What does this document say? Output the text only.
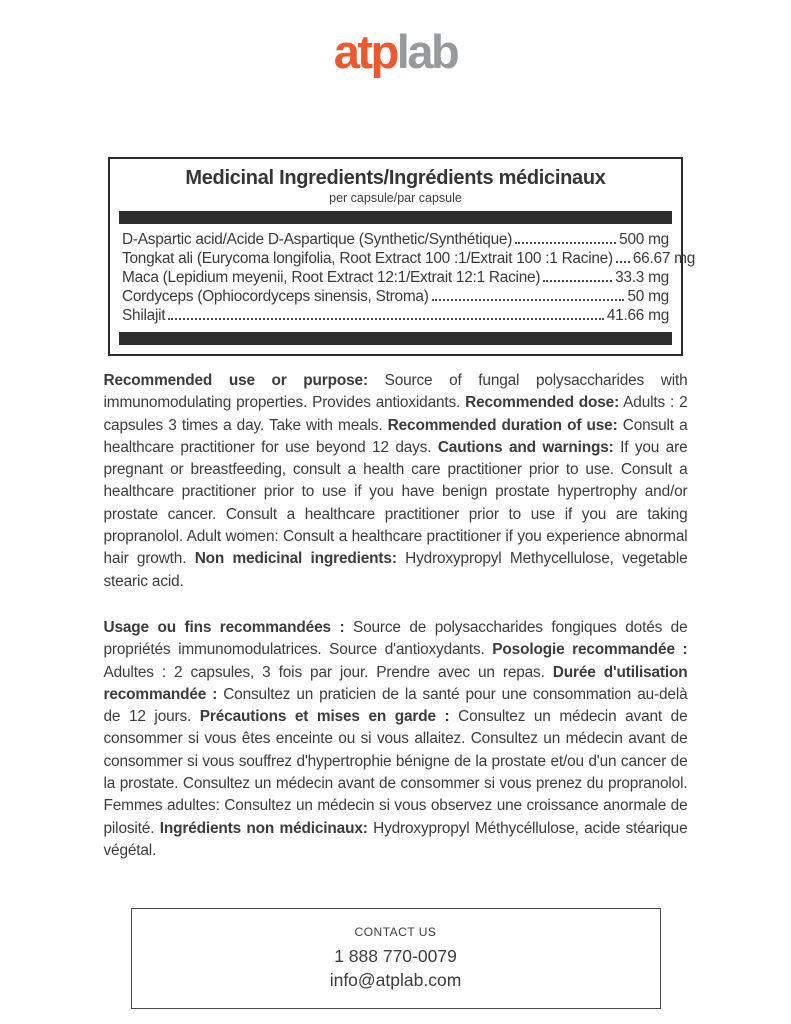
atplab
Medicinal Ingredients/Ingrédients médicinaux
per capsule/par capsule
D-Aspartic acid/Acide D-Aspartique (Synthetic/Synthétique)	500 mg
Tongkat ali (Eurycoma longifolia, Root Extract 100 :1/Extrait 100 :1 Racine) 66.67 mg
Maca (Lepidium meyenii, Root Extract 12:1/Extrait 12:1 Racine)	33.3 mg
Cordyceps (Ophiocordyceps sinensis, Stroma)	50 mg
Shilajit	41.66 mg

Recommended use or purpose: Source of fungal polysaccharides with immunomodulating properties. Provides antioxidants. Recommended dose: Adults : 2 capsules 3 times a day. Take with meals. Recommended duration of use: Consult a healthcare practitioner for use beyond 12 days. Cautions and warnings: If you are pregnant or breastfeeding, consult a health care practitioner prior to use. Consult a healthcare practitioner prior to use if you have benign prostate hypertrophy and/or prostate cancer. Consult a healthcare practitioner prior to use if you are taking propranolol. Adult women: Consult a healthcare practitioner if you experience abnormal hair growth. Non medicinal ingredients: Hydroxypropyl Methycellulose, vegetable stearic acid.

Usage ou fins recommandées : Source de polysaccharides fongiques dotés de propriétés immunomodulatrices. Source d'antioxydants. Posologie recommandée : Adultes : 2 capsules, 3 fois par jour. Prendre avec un repas. Durée d'utilisation recommandée : Consultez un praticien de la santé pour une consommation au-delà de 12 jours. Précautions et mises en garde : Consultez un médecin avant de consommer si vous êtes enceinte ou si vous allaitez. Consultez un médecin avant de consommer si vous souffrez d'hypertrophie bénigne de la prostate et/ou d'un cancer de la prostate. Consultez un médecin avant de consommer si vous prenez du propranolol. Femmes adultes: Consultez un médecin si vous observez une croissance anormale de pilosité. Ingrédients non médicinaux: Hydroxypropyl Méthycéllulose, acide stéarique végétal.

CONTACT US
1 888 770-0079
info@atplab.com
